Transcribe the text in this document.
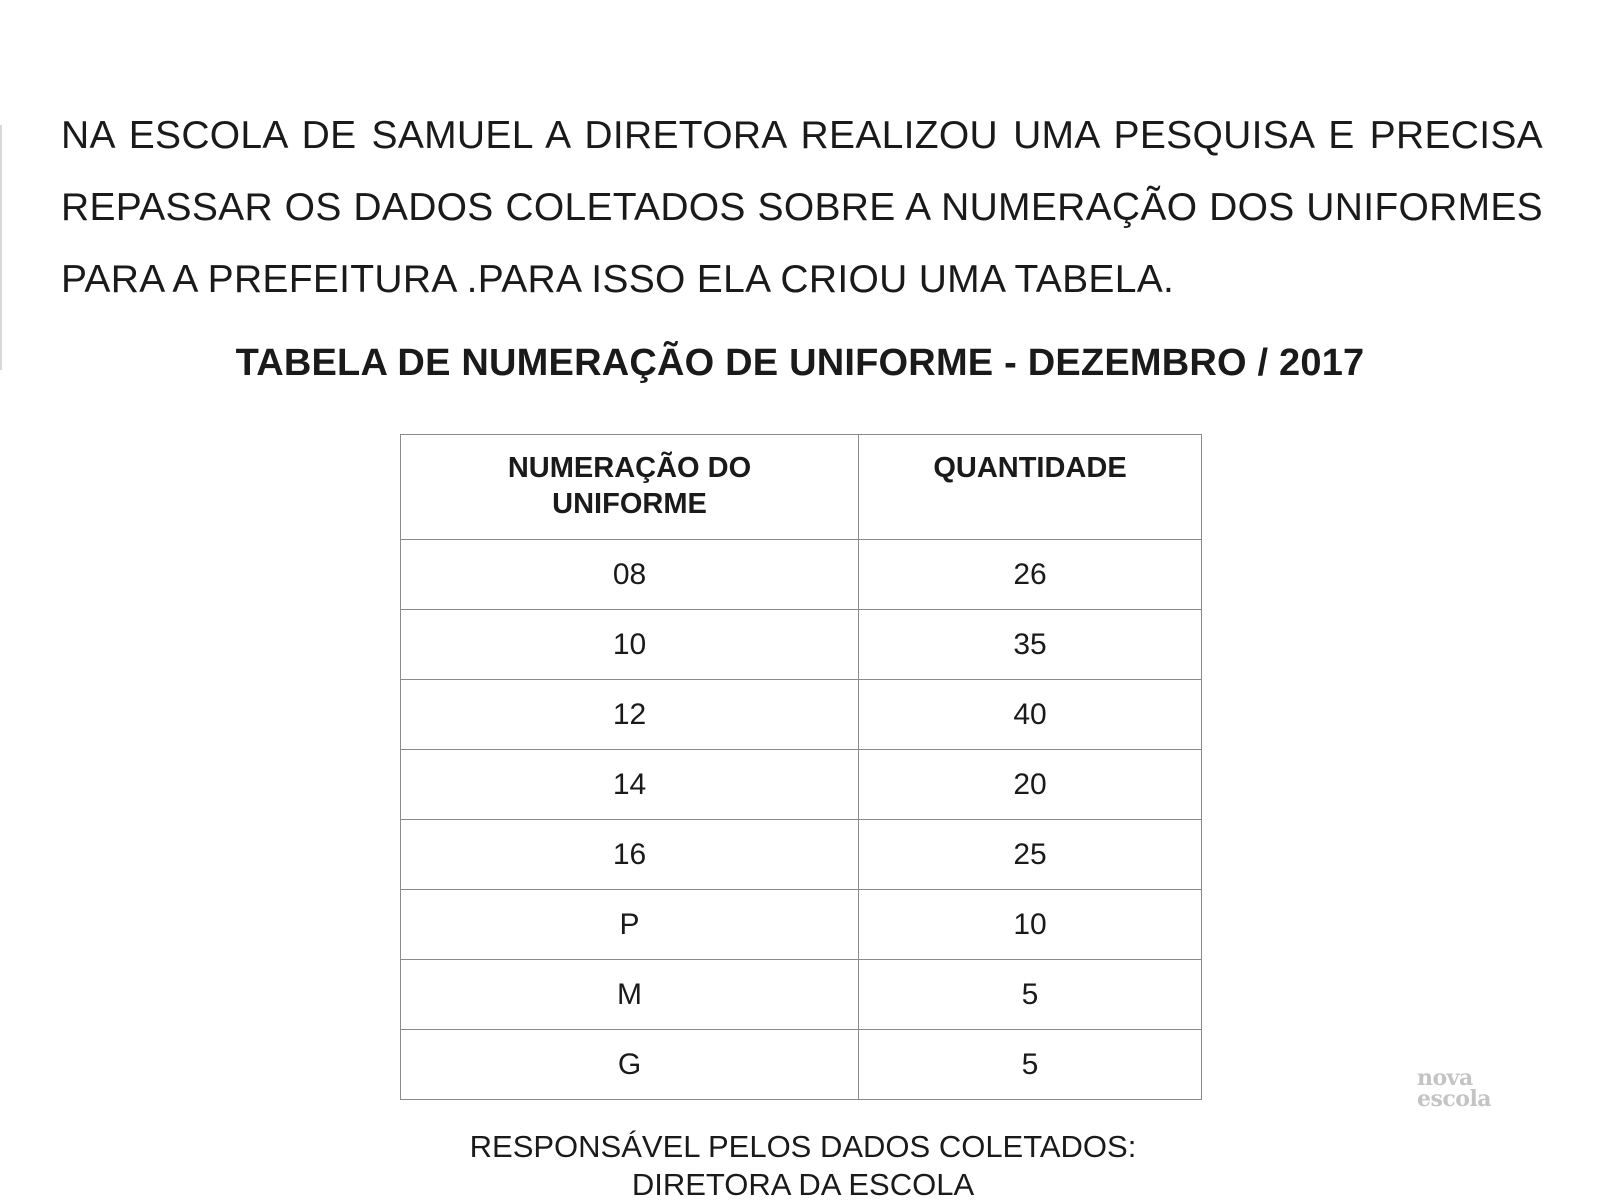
NA ESCOLA DE SAMUEL A DIRETORA REALIZOU UMA PESQUISA E PRECISA
REPASSAR OS DADOS COLETADOS SOBRE A NUMERAÇÃO DOS UNIFORMES
PARA A PREFEITURA .PARA ISSO ELA CRIOU UMA TABELA.

TABELA DE NUMERAÇÃO DE UNIFORME - DEZEMBRO / 2017
NUMERAÇÃO DO
UNIFORME	QUANTIDADE
08	26
10	35
12	40
14	20
16	25
P	10
M	5
G	5	nova
escola

RESPONSÁVEL PELOS DADOS COLETADOS:
DIRETORA DA ESCOLA
